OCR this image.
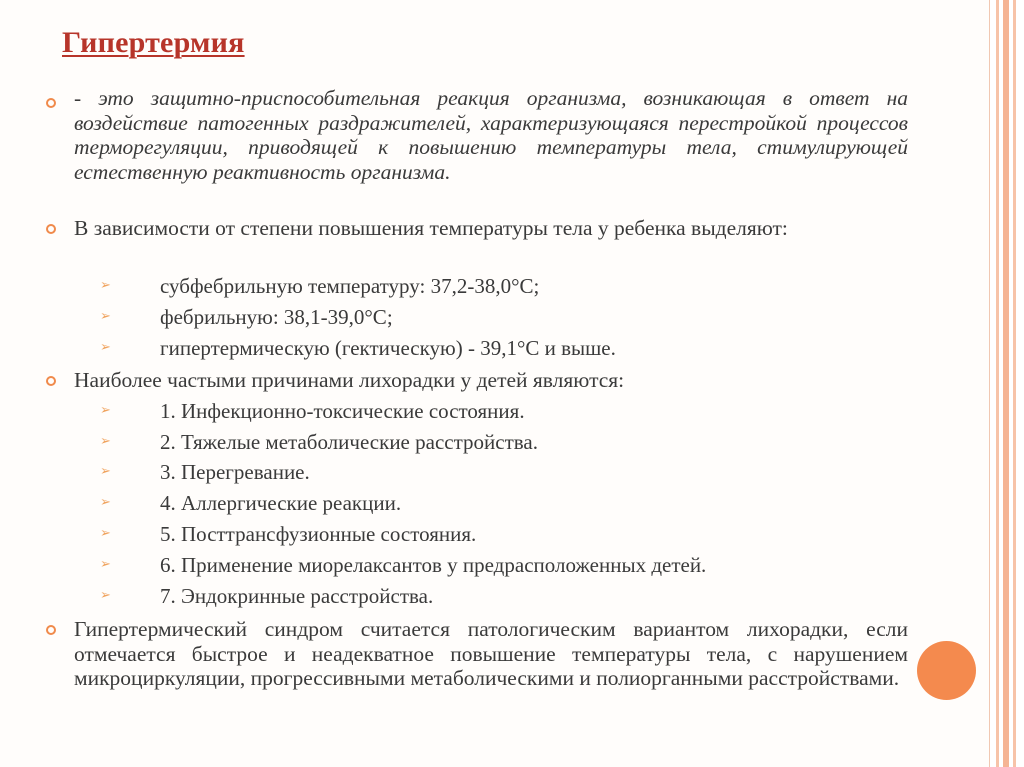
Гипертермия
- это защитно-приспособительная реакция организма, возникающая в ответ на воздействие патогенных раздражителей, характеризующаяся перестройкой процессов терморегуляции, приводящей к повышению температуры тела, стимулирующей естественную реактивность организма.
В зависимости от степени повышения температуры тела у ребенка выделяют:
➢ субфебрильную температуру: 37,2-38,0°С;
➢ фебрильную: 38,1-39,0°С;
➢ гипертермическую (гектическую) - 39,1°С и выше.
Наиболее частыми причинами лихорадки у детей являются:
➢ 1. Инфекционно-токсические состояния.
➢ 2. Тяжелые метаболические расстройства.
➢ 3. Перегревание.
➢ 4. Аллергические реакции.
➢ 5. Посттрансфузионные состояния.
➢ 6. Применение миорелаксантов у предрасположенных детей.
➢ 7. Эндокринные расстройства.
Гипертермический синдром считается патологическим вариантом лихорадки, если отмечается быстрое и неадекватное повышение температуры тела, с нарушением микроциркуляции, прогрессивными метаболическими и полиорганными расстройствами.
